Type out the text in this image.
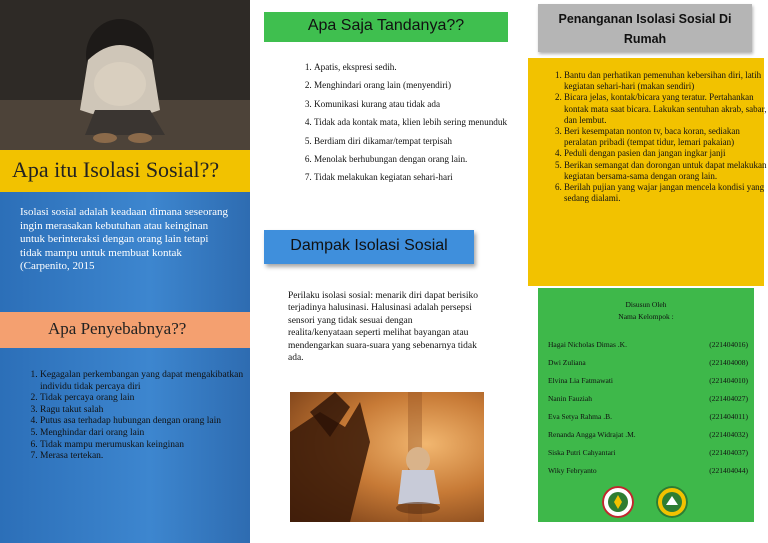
Apa itu Isolasi Sosial??
Isolasi sosial adalah keadaan dimana seseorang ingin merasakan kebutuhan atau keinginan untuk berinteraksi dengan orang lain tetapi tidak mampu untuk membuat kontak (Carpenito, 2015
Apa Penyebabnya??
1. Kegagalan perkembangan yang dapat mengakibatkan individu tidak percaya diri
2. Tidak percaya orang lain
3. Ragu takut salah
4. Putus asa terhadap hubungan dengan orang lain
5. Menghindar dari orang lain
6. Tidak mampu merumuskan keinginan
7. Merasa tertekan.
Apa Saja Tandanya??
1. Apatis, ekspresi sedih.
2. Menghindari orang lain (menyendiri)
3. Komunikasi kurang atau tidak ada
4. Tidak ada kontak mata, klien lebih sering menunduk
5. Berdiam diri dikamar/tempat terpisah
6. Menolak berhubungan dengan orang lain.
7. Tidak melakukan kegiatan sehari-hari
Dampak Isolasi Sosial
Perilaku isolasi sosial: menarik diri dapat berisiko terjadinya halusinasi. Halusinasi adalah persepsi sensori yang tidak sesuai dengan realita/kenyataan seperti melihat bayangan atau mendengarkan suara-suara yang sebenarnya tidak ada.
Penanganan Isolasi Sosial Di Rumah
1. Bantu dan perhatikan pemenuhan kebersihan diri, latih kegiatan sehari-hari (makan sendiri)
2. Bicara jelas, kontak/bicara yang teratur. Pertahankan kontak mata saat bicara. Lakukan sentuhan akrab, sabar, dan lembut.
3. Beri kesempatan nonton tv, baca koran, sediakan peralatan pribadi (tempat tidur, lemari pakaian)
4. Peduli dengan pasien dan jangan ingkar janji
5. Berikan semangat dan dorongan untuk dapat melakukan kegiatan bersama-sama dengan orang lain.
6. Berilah pujian yang wajar jangan mencela kondisi yang sedang dialami.
Disusun Oleh
Nama Kelompok :
Hagai Nicholas Dimas .K.	(221404016)
Dwi Zuliana	(221404008)
Elvina Lia Fatmawati	(221404010)
Nanin Fauziah	(221404027)
Eva Setya Rahma .B.	(221404011)
Renanda Angga Widrajat .M.	(221404032)
Siska Putri Cahyantari	(221404037)
Wiky Febryanto	(221404044)
